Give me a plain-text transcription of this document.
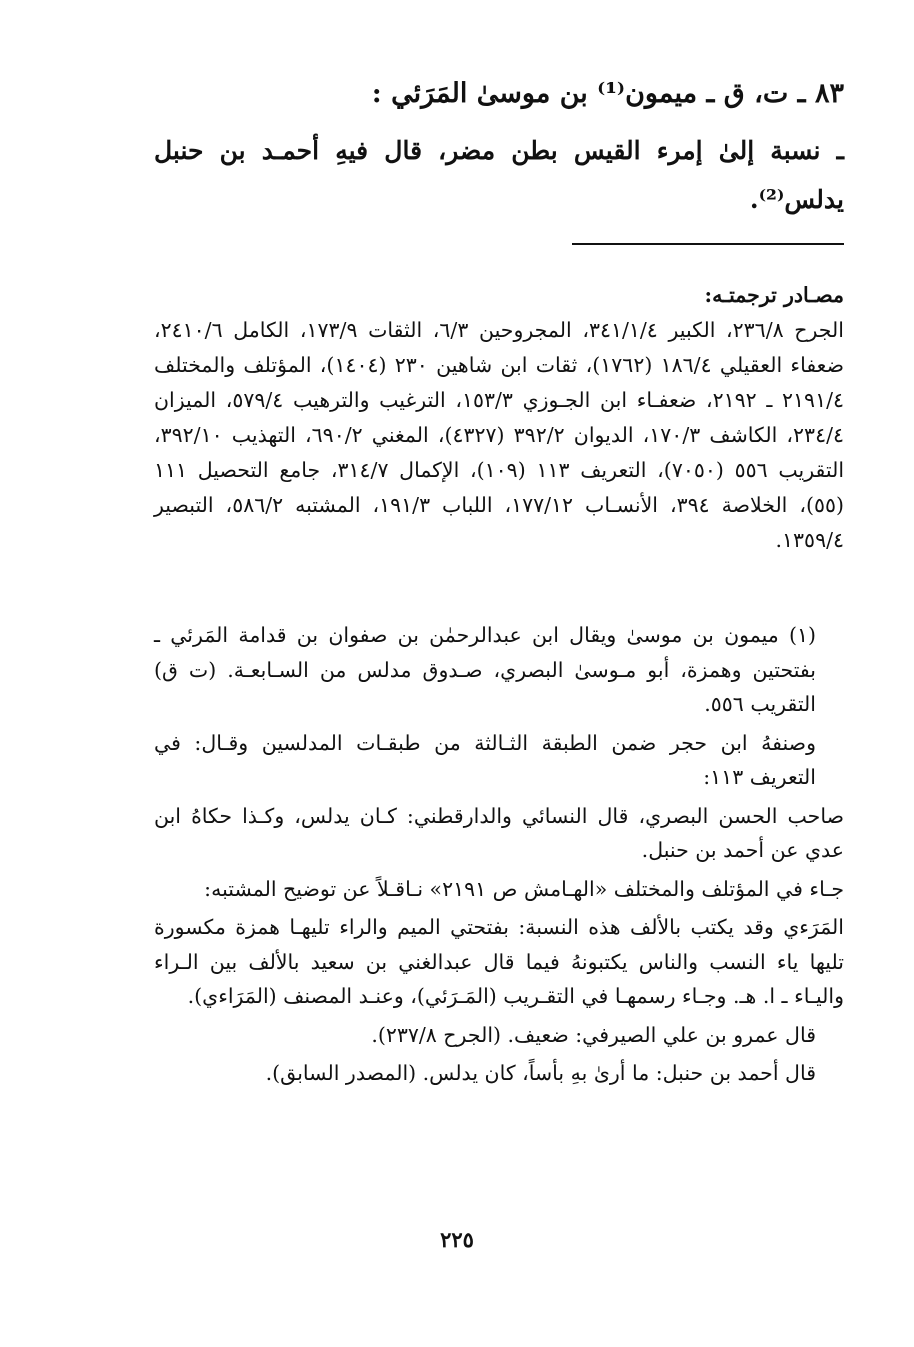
٨٣ ـ ت، ق ـ ميمون⁽¹⁾ بن موسىٰ المَرَئي :

ـ نسبة إلىٰ إمرء القيس بطن مضر، قال فيهِ أحمـد بن حنبل يدلس⁽²⁾.

مصـادر ترجمتـه:
الجرح ٢٣٦/٨، الكبير ٣٤١/١/٤، المجروحين ٦/٣، الثقات ١٧٣/٩، الكامل ٢٤١٠/٦، ضعفاء العقيلي ١٨٦/٤ (١٧٦٢)، ثقات ابن شاهين ٢٣٠ (١٤٠٤)، المؤتلف والمختلف ٢١٩١/٤ ـ ٢١٩٢، ضعفـاء ابن الجـوزي ١٥٣/٣، الترغيب والترهيب ٥٧٩/٤، الميزان ٢٣٤/٤، الكاشف ١٧٠/٣، الديوان ٣٩٢/٢ (٤٣٢٧)، المغني ٦٩٠/٢، التهذيب ٣٩٢/١٠، التقريب ٥٥٦ (٧٠٥٠)، التعريف ١١٣ (١٠٩)، الإكمال ٣١٤/٧، جامع التحصيل ١١١ (٥٥)، الخلاصة ٣٩٤، الأنسـاب ١٧٧/١٢، اللباب ١٩١/٣، المشتبه ٥٨٦/٢، التبصير ١٣٥٩/٤.

(١) ميمون بن موسىٰ ويقال ابن عبدالرحمٰن بن صفوان بن قدامة المَرئي ـ بفتحتين وهمزة، أبو مـوسىٰ البصري، صـدوق مدلس من السـابعـة. (ت ق) التقريب ٥٥٦.

وصنفهُ ابن حجر ضمن الطبقة الثـالثة من طبقـات المدلسين وقـال: في التعريف ١١٣:

صاحب الحسن البصري، قال النسائي والدارقطني: كـان يدلس، وكـذا حكاهُ ابن عدي عن أحمد بن حنبل.

جـاء في المؤتلف والمختلف «الهـامش ص ٢١٩١» نـاقـلاً عن توضيح المشتبه:

المَرَءي وقد يكتب بالألف هذه النسبة: بفتحتي الميم والراء تليهـا همزة مكسورة تليها ياء النسب والناس يكتبونهُ فيما قال عبدالغني بن سعيد بالألف بين الـراء واليـاء ـ ا. هـ. وجـاء رسمهـا في التقـريب (المَـرَئي)، وعنـد المصنف (المَرَاءي).

قال عمرو بن علي الصيرفي: ضعيف. (الجرح ٢٣٧/٨).

قال أحمد بن حنبل: ما أرىٰ بهِ بأساً، كان يدلس. (المصدر السابق).

٢٢٥
